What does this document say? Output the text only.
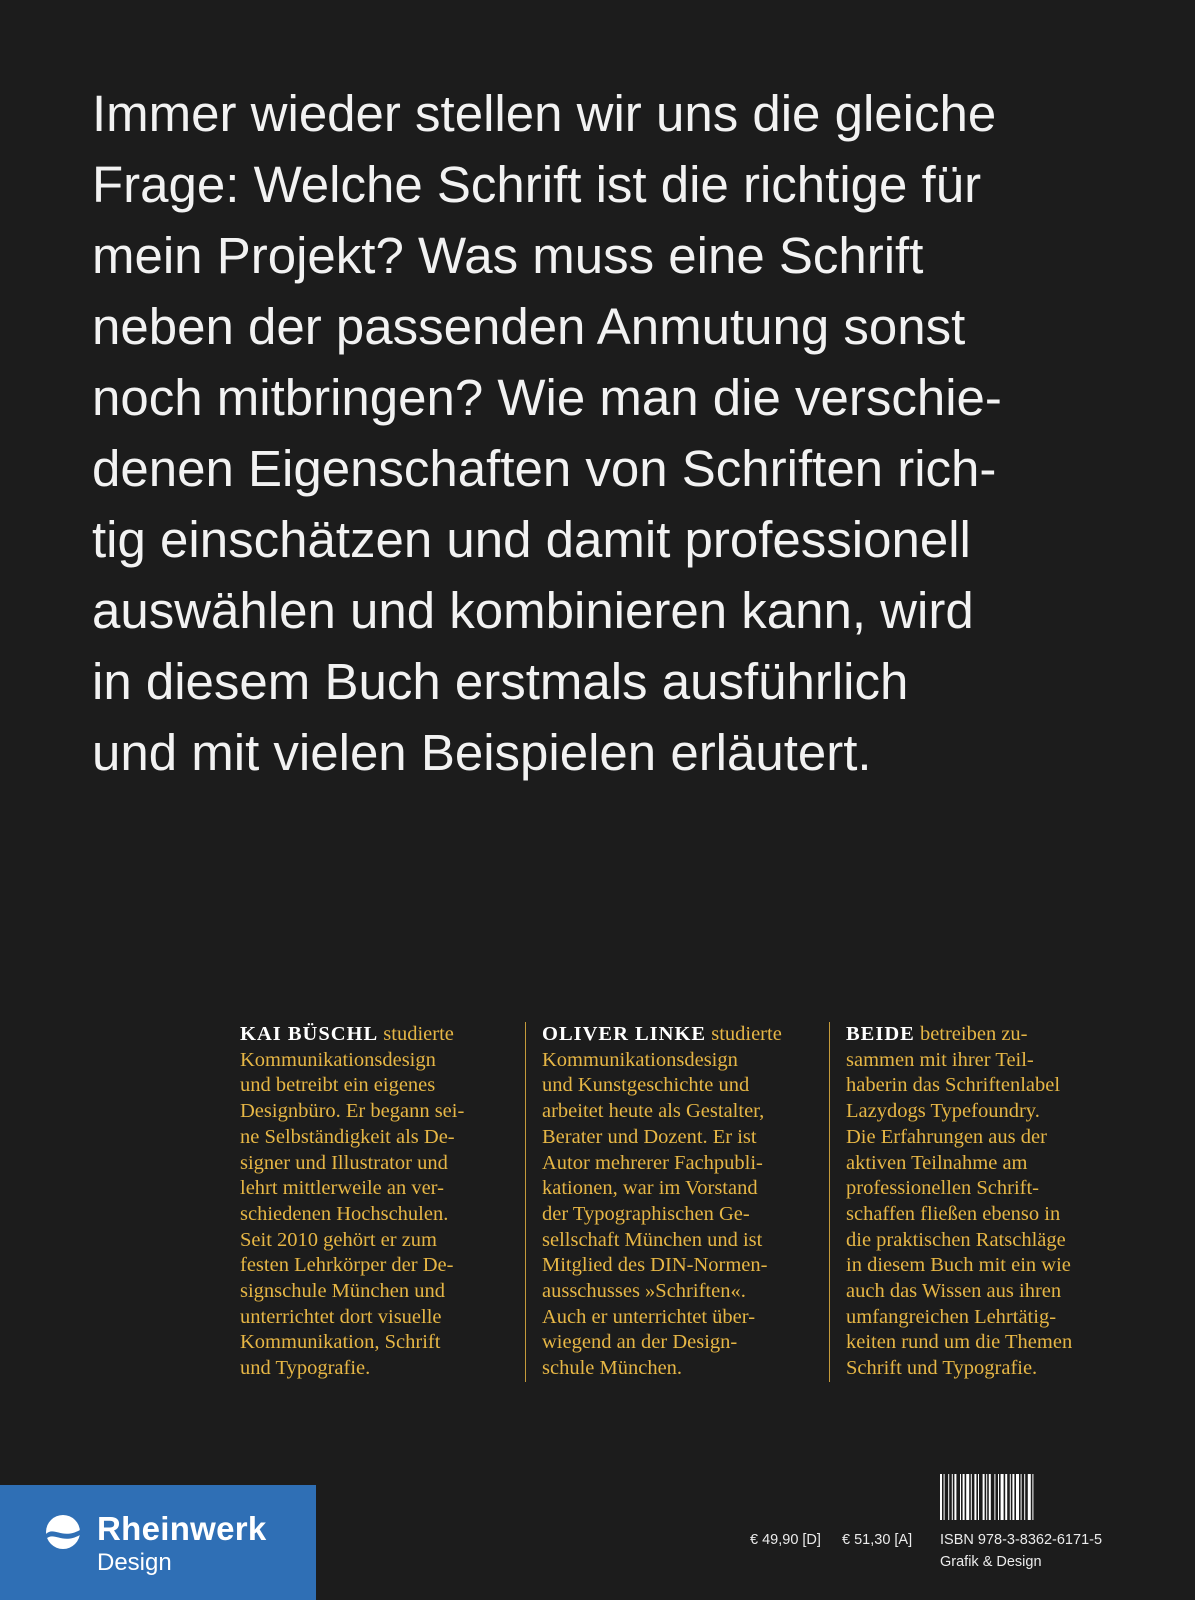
Immer wieder stellen wir uns die gleiche
Frage: Welche Schrift ist die richtige für
mein Projekt? Was muss eine Schrift
neben der passenden Anmutung sonst
noch mitbringen? Wie man die verschie-
denen Eigenschaften von Schriften rich-
tig einschätzen und damit professionell
auswählen und kombinieren kann, wird
in diesem Buch erstmals ausführlich
und mit vielen Beispielen erläutert.
KAI BÜSCHL studierte
Kommunikationsdesign
und betreibt ein eigenes
Designbüro. Er begann sei-
ne Selbständigkeit als De-
signer und Illustrator und
lehrt mittlerweile an ver-
schiedenen Hochschulen.
Seit 2010 gehört er zum
festen Lehrkörper der De-
signschule München und
unterrichtet dort visuelle
Kommunikation, Schrift
und Typografie.
OLIVER LINKE studierte
Kommunikationsdesign
und Kunstgeschichte und
arbeitet heute als Gestalter,
Berater und Dozent. Er ist
Autor mehrerer Fachpubli-
kationen, war im Vorstand
der Typographischen Ge-
sellschaft München und ist
Mitglied des DIN-Normen-
ausschusses »Schriften«.
Auch er unterrichtet über-
wiegend an der Design-
schule München.
BEIDE betreiben zu-
sammen mit ihrer Teil-
haberin das Schriftenlabel
Lazydogs Typefoundry.
Die Erfahrungen aus der
aktiven Teilnahme am
professionellen Schrift-
schaffen fließen ebenso in
die praktischen Ratschläge
in diesem Buch mit ein wie
auch das Wissen aus ihren
umfangreichen Lehrtätig-
keiten rund um die Themen
Schrift und Typografie.
Rheinwerk
Design
€ 49,90 [D] € 51,30 [A] ISBN 978-3-8362-6171-5
Grafik & Design
